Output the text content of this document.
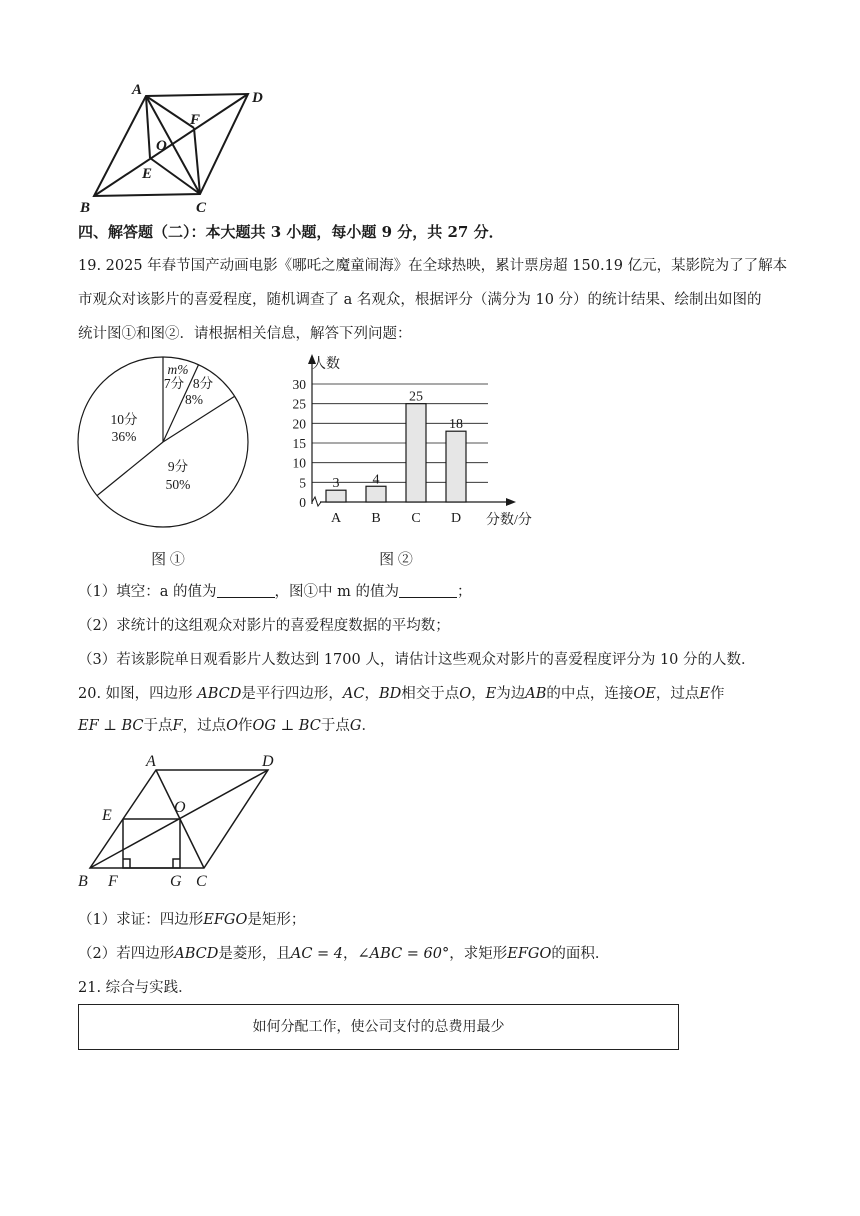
A	D
F
O
E
B	C
四、解答题（二）：本大题共 3 小题，每小题 9 分，共 27 分．
19. 2025 年春节国产动画电影《哪吒之魔童闹海》在全球热映，累计票房超 150.19 亿元，某影院为了了解本
市观众对该影片的喜爱程度，随机调查了 a 名观众，根据评分（满分为 10 分）的统计结果、绘制出如图的
统计图①和图②．请根据相关信息，解答下列问题：
m%
7分 8分
8%
10分
36%
9分
50%
图 ①
0
5
10
15
20
25
30
3 4
25
18
A B C D
人数
分数/分
图 ②
（1）填空：a 的值为	，图①中 m 的值为	；
（2）求统计的这组观众对影片的喜爱程度数据的平均数；
（3）若该影院单日观看影片人数达到 1700 人，请估计这些观众对影片的喜爱程度评分为 10 分的人数．
20. 如图，四边形 ABCD是平行四边形，AC，BD相交于点O，E为边AB的中点，连接OE，过点E作
EF ⊥ BC于点F，过点O作OG ⊥ BC于点G．
A	D
E	O
B F	G C
（1）求证：四边形EFGO是矩形；
（2）若四边形ABCD是菱形，且AC = 4，∠ABC = 60°，求矩形EFGO的面积．
21. 综合与实践．
如何分配工作，使公司支付的总费用最少
